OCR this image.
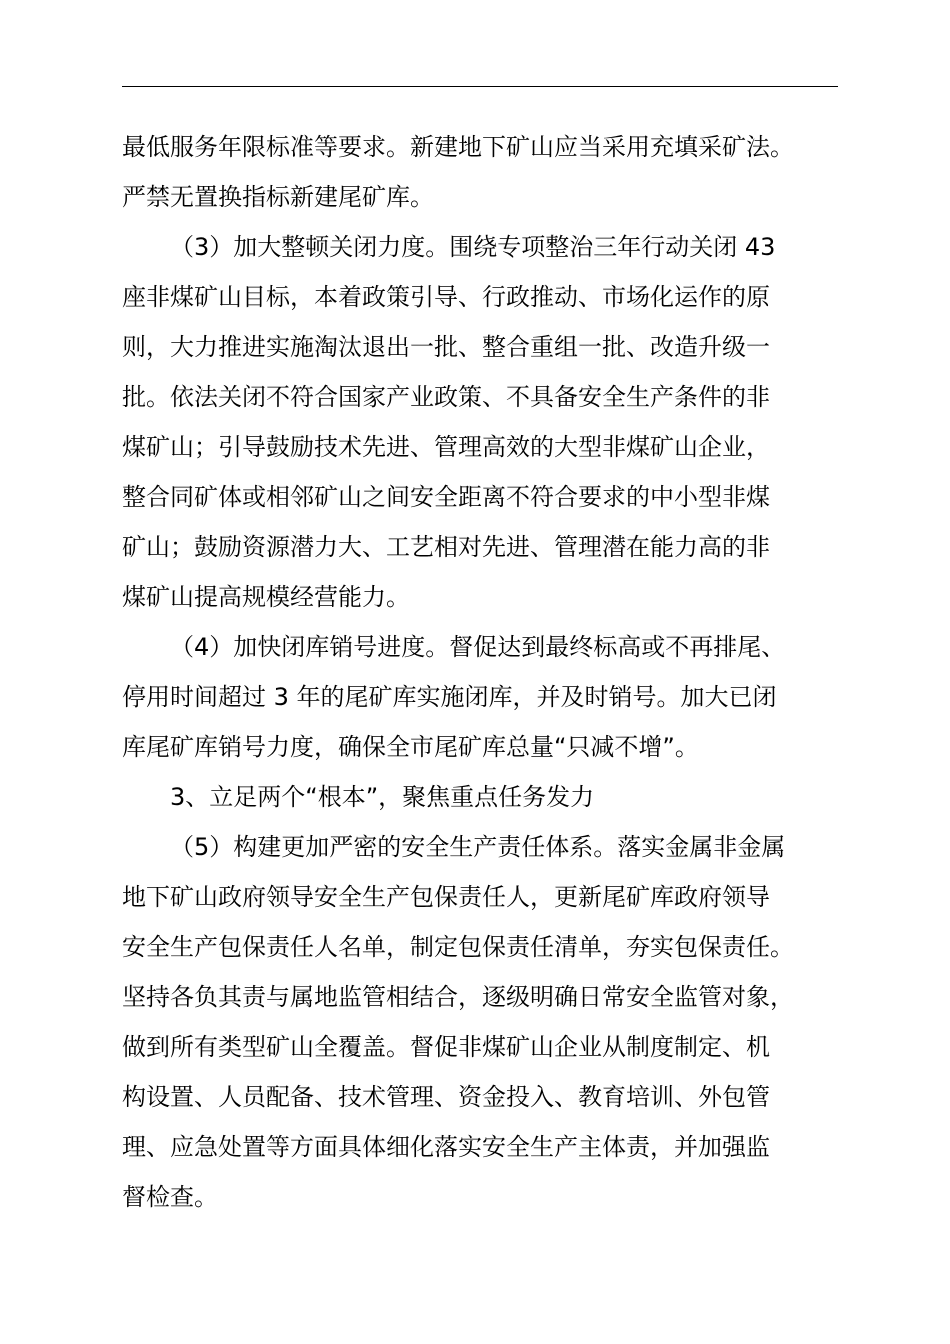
最低服务年限标准等要求。新建地下矿山应当采用充填采矿法。
严禁无置换指标新建尾矿库。
（3）加大整顿关闭力度。围绕专项整治三年行动关闭 43
座非煤矿山目标，本着政策引导、行政推动、市场化运作的原
则，大力推进实施淘汰退出一批、整合重组一批、改造升级一
批。依法关闭不符合国家产业政策、不具备安全生产条件的非
煤矿山；引导鼓励技术先进、管理高效的大型非煤矿山企业，
整合同矿体或相邻矿山之间安全距离不符合要求的中小型非煤
矿山；鼓励资源潜力大、工艺相对先进、管理潜在能力高的非
煤矿山提高规模经营能力。
（4）加快闭库销号进度。督促达到最终标高或不再排尾、
停用时间超过 3 年的尾矿库实施闭库，并及时销号。加大已闭
库尾矿库销号力度，确保全市尾矿库总量“只减不增”。
3、立足两个“根本”，聚焦重点任务发力
（5）构建更加严密的安全生产责任体系。落实金属非金属
地下矿山政府领导安全生产包保责任人，更新尾矿库政府领导
安全生产包保责任人名单，制定包保责任清单，夯实包保责任。
坚持各负其责与属地监管相结合，逐级明确日常安全监管对象，
做到所有类型矿山全覆盖。督促非煤矿山企业从制度制定、机
构设置、人员配备、技术管理、资金投入、教育培训、外包管
理、应急处置等方面具体细化落实安全生产主体责，并加强监
督检查。
